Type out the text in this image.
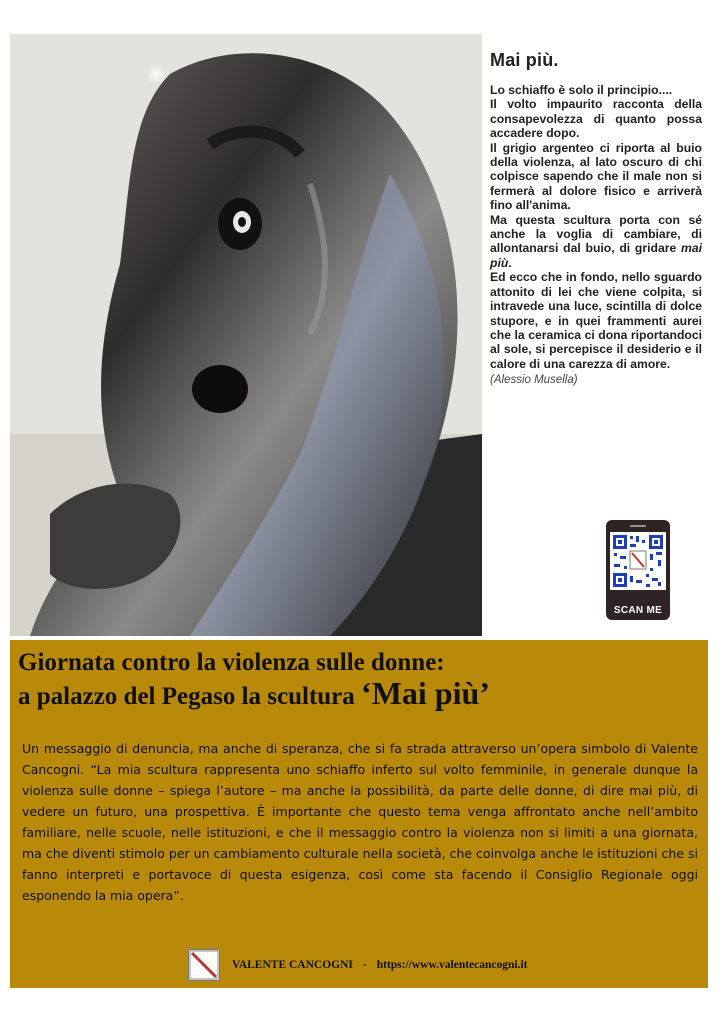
Mai più.

Lo schiaffo è solo il principio....

Il volto impaurito racconta della consapevolezza di quanto possa accadere dopo.

Il grigio argenteo ci riporta al buio della violenza, al lato oscuro di chi colpisce sapendo che il male non si fermerà al dolore fisico e arriverà fino all'anima.

Ma questa scultura porta con sé anche la voglia di cambiare, di allontanarsi dal buio, di gridare mai più.

Ed ecco che in fondo, nello sguardo attonito di lei che viene colpita, si intravede una luce, scintilla di dolce stupore, e in quei frammenti aurei che la ceramica ci dona riportandoci al sole, si percepisce il desiderio e il calore di una carezza di amore.

(Alessio Musella)
SCAN ME
Giornata contro la violenza sulle donne:
a palazzo del Pegaso la scultura ‘Mai più’
Un messaggio di denuncia, ma anche di speranza, che si fa strada attraverso un’opera simbolo di Valente Cancogni. “La mia scultura rappresenta uno schiaffo inferto sul volto femminile, in generale dunque la violenza sulle donne – spiega l’autore – ma anche la possibilità, da parte delle donne, di dire mai più, di vedere un futuro, una prospettiva. È importante che questo tema venga affrontato anche nell’ambito familiare, nelle scuole, nelle istituzioni, e che il messaggio contro la violenza non si limiti a una giornata, ma che diventi stimolo per un cambiamento culturale nella società, che coinvolga anche le istituzioni che si fanno interpreti e portavoce di questa esigenza, così come sta facendo il Consiglio Regionale oggi esponendo la mia opera”.
VALENTE CANCOGNI - https://www.valentecancogni.it
